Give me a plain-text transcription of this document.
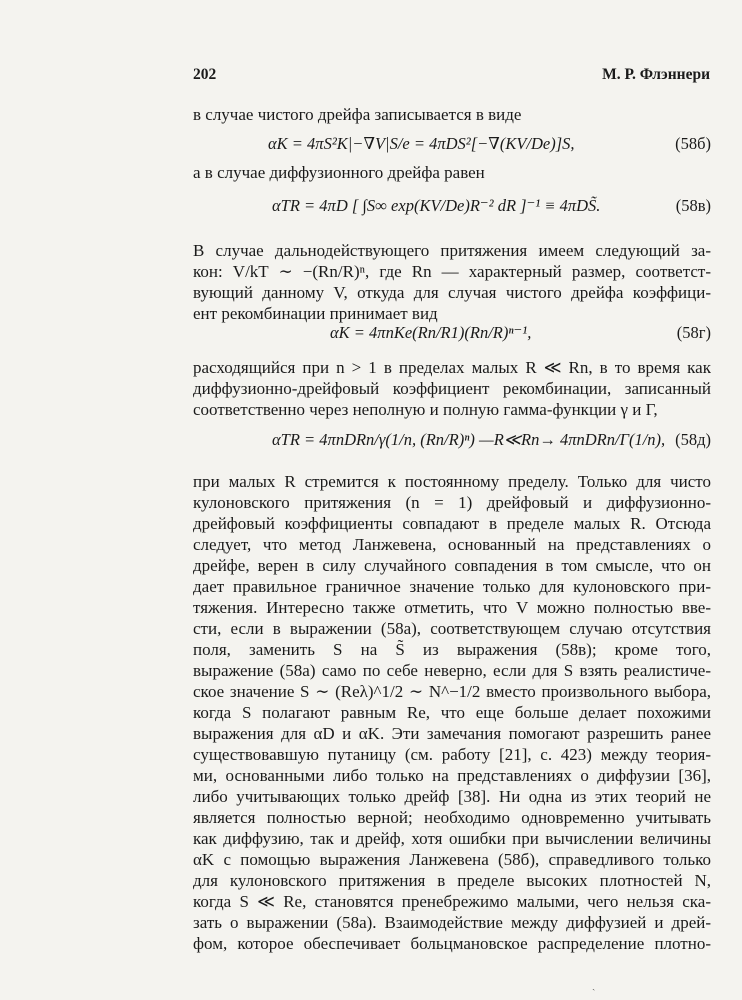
202	М. Р. Флэннери
в случае чистого дрейфа записывается в виде
αK = 4πS²K|−∇V|S/e = 4πDS²[−∇(KV/De)]S,	(58б)
а в случае диффузионного дрейфа равен
αTR = 4πD [ ∫S∞ exp(KV/De)R⁻² dR ]⁻¹ ≡ 4πDS̃.	(58в)
В случае дальнодействующего притяжения имеем следующий за-
кон: V/kT ∼ −(Rn/R)ⁿ, где Rn — характерный размер, соответст-
вующий данному V, откуда для случая чистого дрейфа коэффици-
ент рекомбинации принимает вид
αK = 4πnKe(Rn/R1)(Rn/R)ⁿ⁻¹,	(58г)
расходящийся при n > 1 в пределах малых R ≪ Rn, в то время как
диффузионно-дрейфовый коэффициент рекомбинации, записанный
соответственно через неполную и полную гамма-функции γ и Γ,
αTR = 4πnDRn/γ(1/n, (Rn/R)ⁿ) —R≪Rn→ 4πnDRn/Γ(1/n), (58д)
при малых R стремится к постоянному пределу. Только для чисто
кулоновского притяжения (n = 1) дрейфовый и диффузионно-
дрейфовый коэффициенты совпадают в пределе малых R. Отсюда
следует, что метод Ланжевена, основанный на представлениях о
дрейфе, верен в силу случайного совпадения в том смысле, что он
дает правильное граничное значение только для кулоновского при-
тяжения. Интересно также отметить, что V можно полностью вве-
сти, если в выражении (58а), соответствующем случаю отсутствия
поля, заменить S на S̃ из выражения (58в); кроме того,
выражение (58а) само по себе неверно, если для S взять реалистиче-
ское значение S ∼ (Reλ)^1/2 ∼ N^−1/2 вместо произвольного выбора,
когда S полагают равным Re, что еще больше делает похожими
выражения для αD и αK. Эти замечания помогают разрешить ранее
существовавшую путаницу (см. работу [21], с. 423) между теория-
ми, основанными либо только на представлениях о диффузии [36],
либо учитывающих только дрейф [38]. Ни одна из этих теорий не
является полностью верной; необходимо одновременно учитывать
как диффузию, так и дрейф, хотя ошибки при вычислении величины
αK с помощью выражения Ланжевена (58б), справедливого только
для кулоновского притяжения в пределе высоких плотностей N,
когда S ≪ Re, становятся пренебрежимо малыми, чего нельзя ска-
зать о выражении (58а). Взаимодействие между диффузией и дрей-
фом, которое обеспечивает больцмановское распределение плотно-
ˏ
